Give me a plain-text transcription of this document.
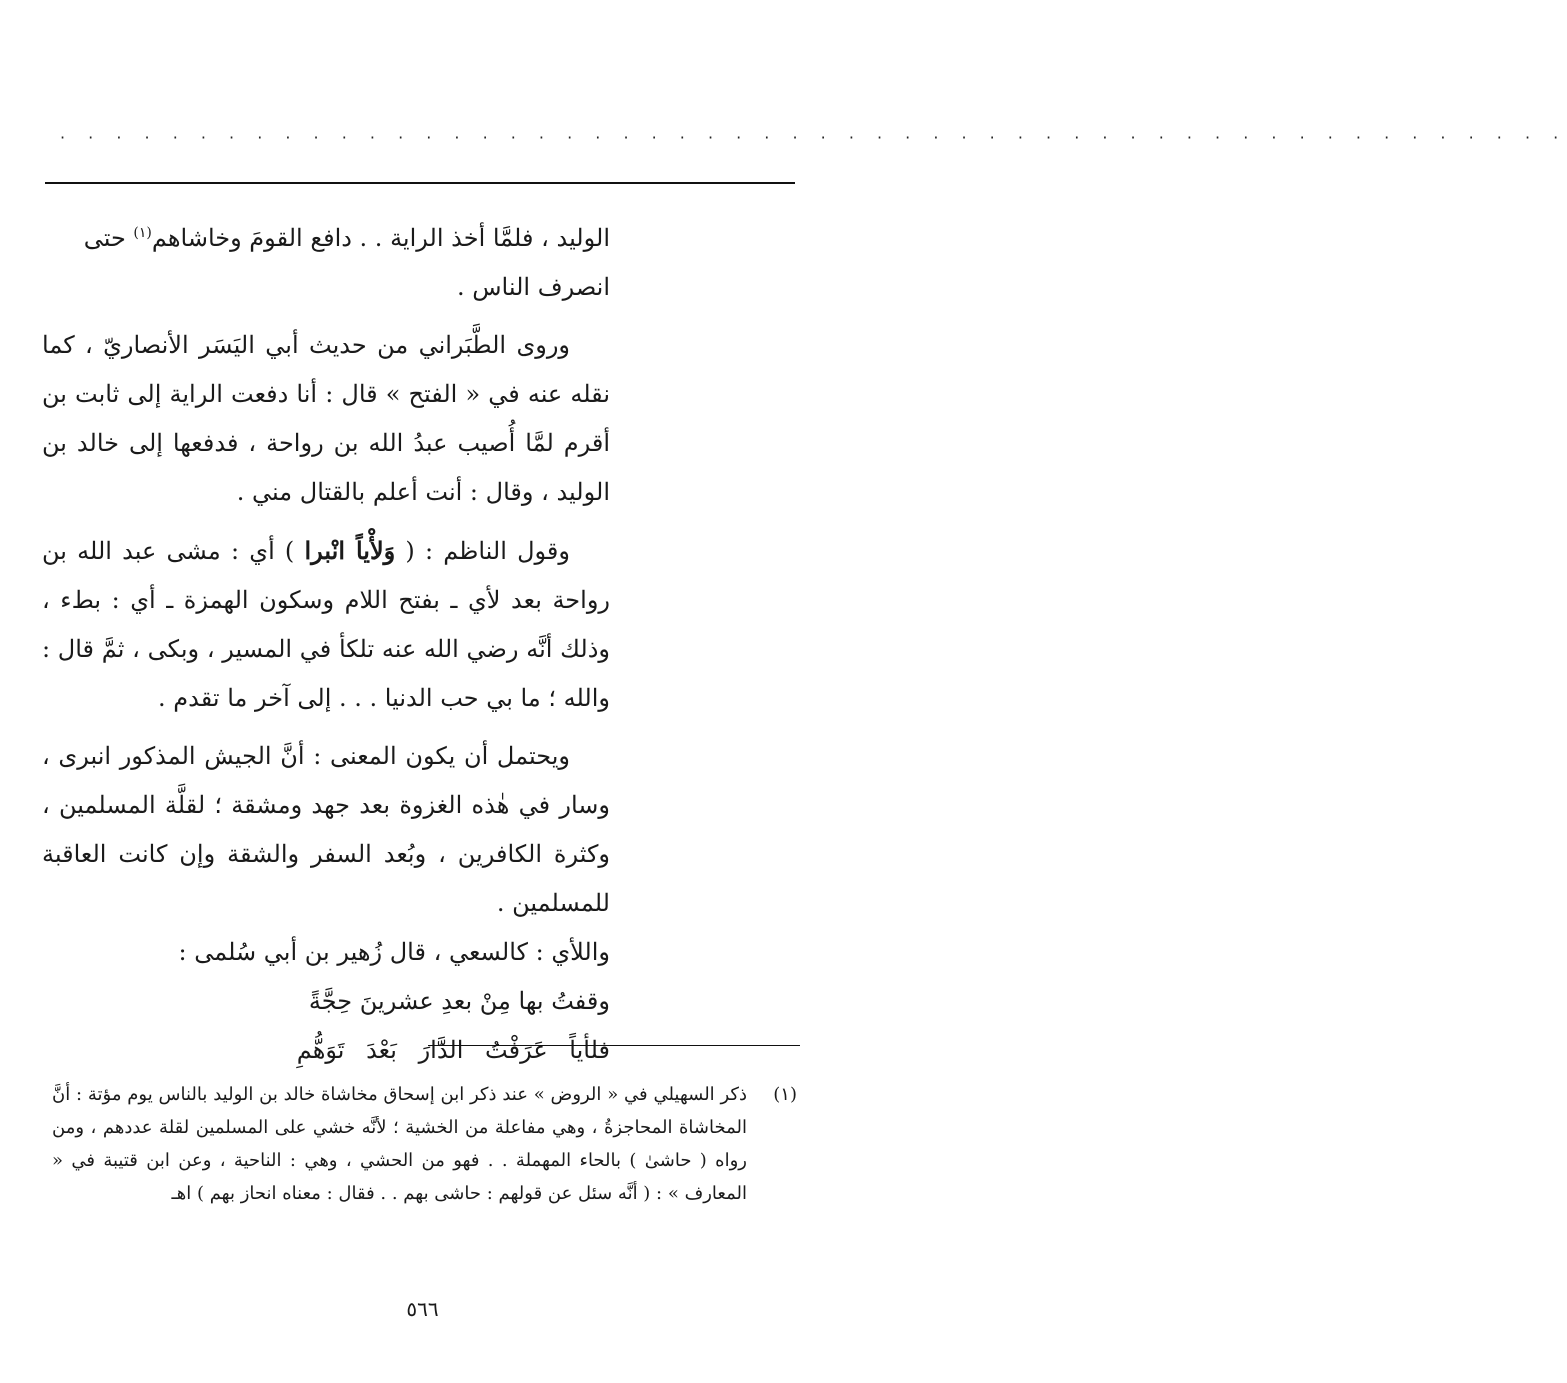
· · · · · · · · · · · · · · · · · · · · · · · · · · · · · · · · · · · · · · · · · · · · · · · · · · · · · ·

الوليد ، فلمَّا أخذ الراية . . دافع القومَ وخاشاهم$^{(١)}$ حتى
انصرف الناس .

وروى الطَّبَراني من حديث أبي اليَسَر الأنصاريّ ، كما نقله عنه في « الفتح » قال : أنا دفعت الراية إلى ثابت بن أقرم لمَّا أُصيب عبدُ الله بن رواحة ، فدفعها إلى خالد بن الوليد ، وقال : أنت أعلم بالقتال مني .

وقول الناظم : ( وَلأْياً انْبرا ) أي : مشى عبد الله بن رواحة بعد لأي ـ بفتح اللام وسكون الهمزة ـ أي : بطء ، وذلك أنَّه رضي الله عنه تلكأ في المسير ، وبكى ، ثمَّ قال : والله ؛ ما بي حب الدنيا . . . إلى آخر ما تقدم .

ويحتمل أن يكون المعنى : أنَّ الجيش المذكور انبرى ، وسار في هٰذه الغزوة بعد جهد ومشقة ؛ لقلَّة المسلمين ، وكثرة الكافرين ، وبُعد السفر والشقة وإن كانت العاقبة للمسلمين .

واللأي : كالسعي ، قال زُهير بن أبي سُلمى :

وقفتُ بها مِنْ بعدِ عشرينَ حِجَّةً

فلأياً عَرَفْتُ الدَّارَ بَعْدَ تَوَهُّمِ

(١)

ذكر السهيلي في « الروض » عند ذكر ابن إسحاق مخاشاة خالد بن الوليد بالناس يوم مؤتة : أنَّ المخاشاة المحاجزةُ ، وهي مفاعلة من الخشية ؛ لأنَّه خشي على المسلمين لقلة عددهم ، ومن رواه ( حاشىٰ ) بالحاء المهملة . . فهو من الحشي ، وهي : الناحية ، وعن ابن قتيبة في « المعارف » : ( أنَّه سئل عن قولهم : حاشى بهم . . فقال : معناه انحاز بهم ) اهـ

٥٦٦
